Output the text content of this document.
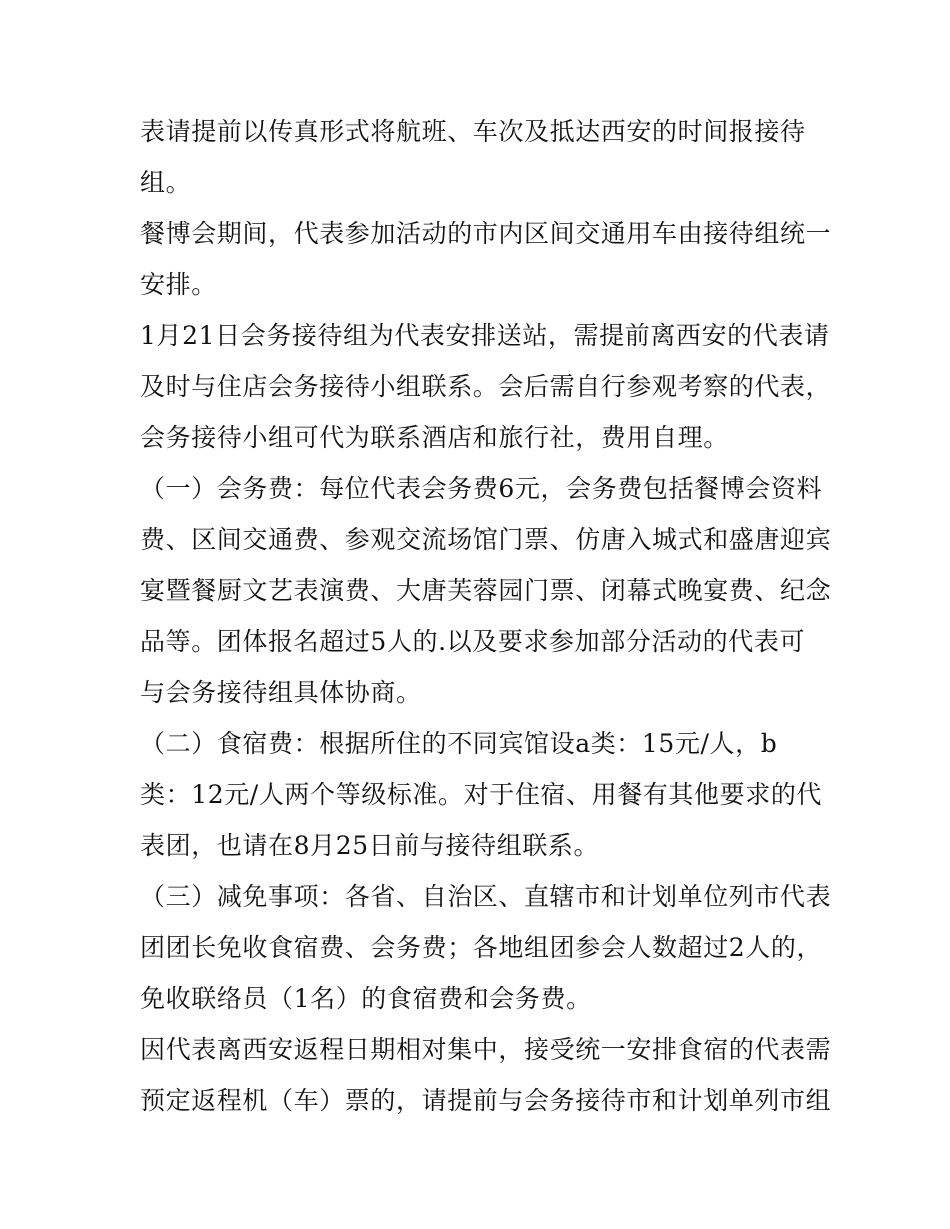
表请提前以传真形式将航班、车次及抵达西安的时间报接待
组。

餐博会期间，代表参加活动的市内区间交通用车由接待组统一
安排。

1月21日会务接待组为代表安排送站，需提前离西安的代表请
及时与住店会务接待小组联系。会后需自行参观考察的代表，
会务接待小组可代为联系酒店和旅行社，费用自理。

（一）会务费：每位代表会务费6元，会务费包括餐博会资料
费、区间交通费、参观交流场馆门票、仿唐入城式和盛唐迎宾
宴暨餐厨文艺表演费、大唐芙蓉园门票、闭幕式晚宴费、纪念
品等。团体报名超过5人的.以及要求参加部分活动的代表可
与会务接待组具体协商。

（二）食宿费：根据所住的不同宾馆设a类：15元/人，b
类：12元/人两个等级标准。对于住宿、用餐有其他要求的代
表团，也请在8月25日前与接待组联系。

（三）减免事项：各省、自治区、直辖市和计划单位列市代表
团团长免收食宿费、会务费；各地组团参会人数超过2人的，
免收联络员（1名）的食宿费和会务费。

因代表离西安返程日期相对集中，接受统一安排食宿的代表需
预定返程机（车）票的，请提前与会务接待市和计划单列市组
